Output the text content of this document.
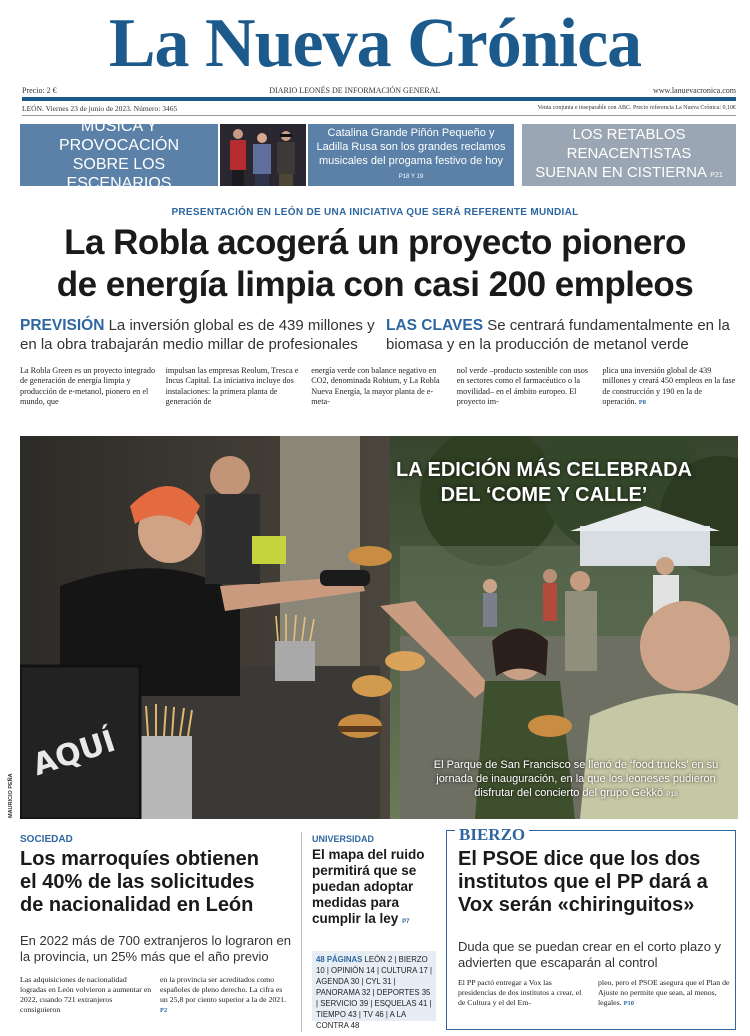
La Nueva Crónica
Precio: 2 €	DIARIO LEONÉS DE INFORMACIÓN GENERAL	www.lanuevacronica.com
LEÓN. Viernes 23 de junio de 2023. Número: 3465	Venta conjunta e inseparable con ABC. Precio referencia La Nueva Crónica: 0,10€
MÚSICA Y PROVOCACIÓN
SOBRE LOS ESCENARIOS
Catalina Grande Piñón Pequeño y Ladilla Rusa son los grandes reclamos musicales del progama festivo de hoy P18 Y 19
LOS RETABLOS RENACENTISTAS
SUENAN EN CISTIERNA P21
PRESENTACIÓN EN LEÓN DE UNA INICIATIVA QUE SERÁ REFERENTE MUNDIAL
La Robla acogerá un proyecto pionero
de energía limpia con casi 200 empleos
PREVISIÓN La inversión global es de 439 millones y en la obra trabajarán medio millar de profesionales
LAS CLAVES Se centrará fundamentalmente en la biomasa y en la producción de metanol verde
La Robla Green es un proyecto integrado de generación de energía limpia y producción de e-metanol, pionero en el mundo, que
impulsan las empresas Reolum, Tresca e Incus Capital. La iniciativa incluye dos instalaciones: la primera planta de generación de
energía verde con balance negativo en CO2, denominada Robium, y La Robla Nueva Energía, la mayor planta de e-meta-
nol verde –producto sostenible con usos en sectores como el farmacéutico o la movilidad– en el ámbito europeo. El proyecto im-
plica una inversión global de 439 millones y creará 450 empleos en la fase de construcción y 190 en la de operación. P8
AQUÍ
LA EDICIÓN MÁS CELEBRADA
DEL ‘COME Y CALLE’
El Parque de San Francisco se llenó de ‘food trucks’ en su jornada de inauguración, en la que los leoneses pudieron disfrutar del concierto del grupo Gekkō P18
MAURICIO PEÑA
SOCIEDAD
Los marroquíes obtienen
el 40% de las solicitudes
de nacionalidad en León
En 2022 más de 700 extranjeros lo lograron en la provincia, un 25% más que el año previo
Las adquisiciones de nacionalidad logradas en León volvieron a aumentar en 2022, cuando 721 extranjeros consiguieron
en la provincia ser acreditados como españoles de pleno derecho. La cifra es un 25,8 por ciento superior a la de 2021. P2
UNIVERSIDAD
El mapa del ruido permitirá que se puedan adoptar medidas para cumplir la ley P7
48 PÁGINAS LEÓN 2 | BIERZO 10 | OPINIÓN 14 | CULTURA 17 | AGENDA 30 | CYL 31 | PANORAMA 32 | DEPORTES 35 | SERVICIO 39 | ESQUELAS 41 | TIEMPO 43 | TV 46 | A LA CONTRA 48
BIERZO
El PSOE dice que los dos
institutos que el PP dará a
Vox serán «chiringuitos»
Duda que se puedan crear en el corto plazo y advierten que escaparán al control
El PP pactó entregar a Vox las presidencias de dos institutos a crear, el de Cultura y el del Em-
pleo, pero el PSOE asegura que el Plan de Ajuste no permite que sean, al menos, legales. P10
